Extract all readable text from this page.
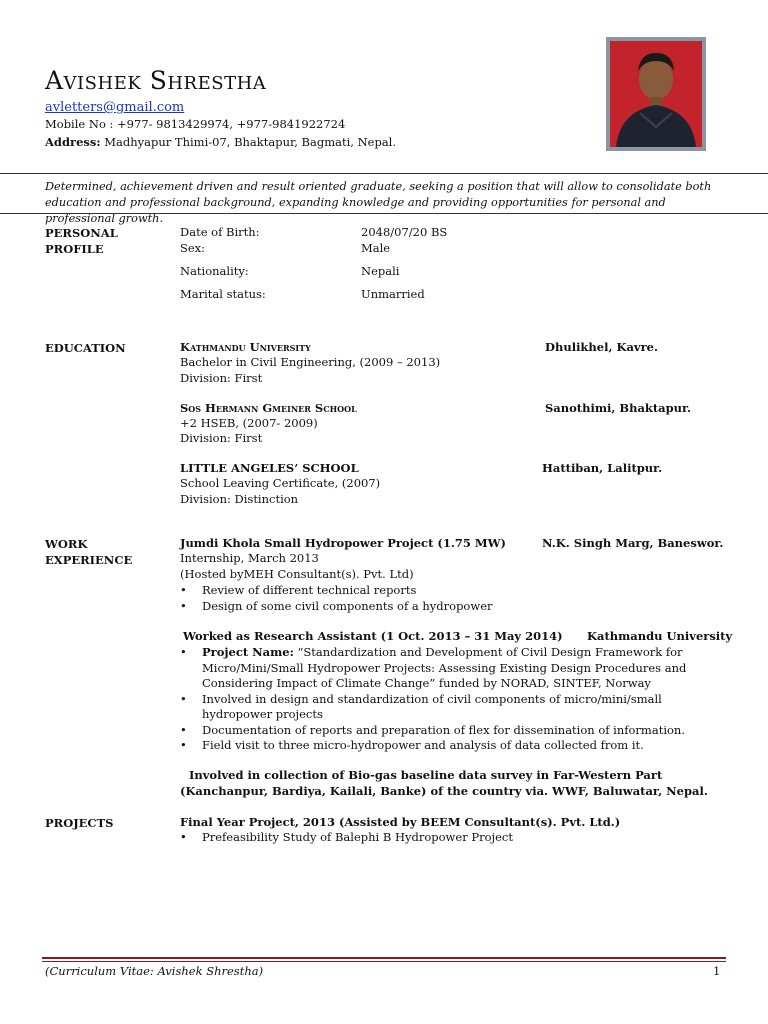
Avishek Shrestha
avletters@gmail.com
Mobile No : +977- 9813429974, +977-9841922724
Address: Madhyapur Thimi-07, Bhaktapur, Bagmati, Nepal.
Determined, achievement driven and result oriented graduate, seeking a position that will allow to consolidate both education and professional background, expanding knowledge and providing opportunities for personal and professional growth.
PERSONAL
PROFILE
Date of Birth:	2048/07/20 BS
Sex:	Male
Nationality:	Nepali
Marital status:	Unmarried
EDUCATION	Kathmandu University	Dhulikhel, Kavre.
Bachelor in Civil Engineering, (2009 – 2013)
Division: First
Sos Hermann Gmeiner School	Sanothimi, Bhaktapur.
+2 HSEB, (2007- 2009)
Division: First
LITTLE ANGELES’ SCHOOL	Hattiban, Lalitpur.
School Leaving Certificate, (2007)
Division: Distinction
WORK
EXPERIENCE
Jumdi Khola Small Hydropower Project (1.75 MW)	N.K. Singh Marg, Baneswor.
Internship, March 2013
(Hosted byMEH Consultant(s). Pvt. Ltd)
• Review of different technical reports
• Design of some civil components of a hydropower
Worked as Research Assistant (1 Oct. 2013 – 31 May 2014) Kathmandu University
• Project Name: “Standardization and Development of Civil Design Framework for Micro/Mini/Small Hydropower Projects: Assessing Existing Design Procedures and Considering Impact of Climate Change” funded by NORAD, SINTEF, Norway
• Involved in design and standardization of civil components of micro/mini/small hydropower projects
• Documentation of reports and preparation of flex for dissemination of information.
• Field visit to three micro-hydropower and analysis of data collected from it.
Involved in collection of Bio-gas baseline data survey in Far-Western Part (Kanchanpur, Bardiya, Kailali, Banke) of the country via. WWF, Baluwatar, Nepal.
PROJECTS	Final Year Project, 2013 (Assisted by BEEM Consultant(s). Pvt. Ltd.)
• Prefeasibility Study of Balephi B Hydropower Project
(Curriculum Vitae: Avishek Shrestha)	1
